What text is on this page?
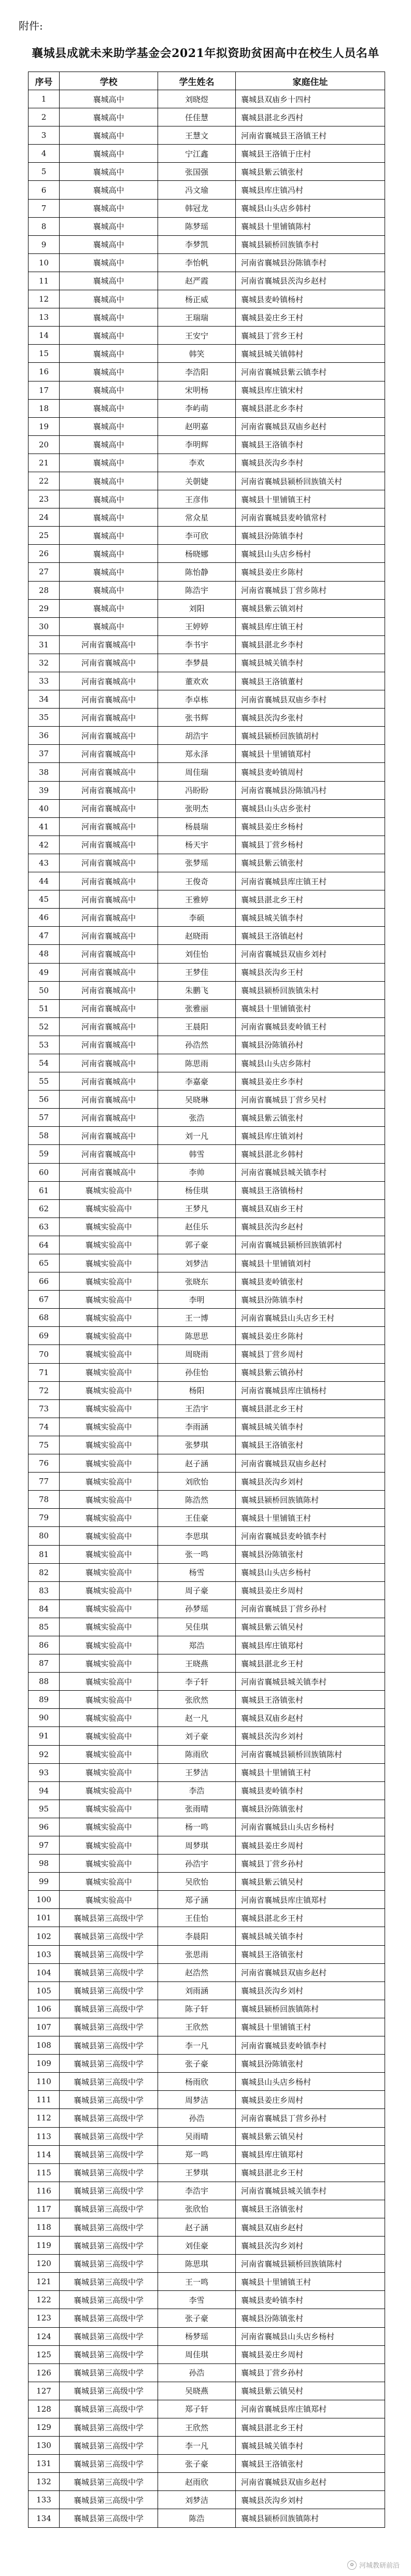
附件:
襄城县成就未来助学基金会2021年拟资助贫困高中在校生人员名单
序号	学校	学生姓名	家庭住址
1	襄城高中	刘晓煜	襄城县双庙乡十四村
2	襄城高中	任佳慧	襄城县湛北乡西村
3	襄城高中	王慧文	河南省襄城县王洛镇王村
4	襄城高中	宁江鑫	襄城县王洛镇于庄村
5	襄城高中	张国强	襄城县紫云镇张村
6	襄城高中	冯文瑜	襄城县库庄镇冯村
7	襄城高中	韩冠龙	襄城县山头店乡韩村
8	襄城高中	陈梦瑶	襄城县十里铺镇陈村
9	襄城高中	李梦凯	襄城县颍桥回族镇李村
10	襄城高中	李怡帆	河南省襄城县汾陈镇李村
11	襄城高中	赵严霞	河南省襄城县茨沟乡赵村
12	襄城高中	杨正威	襄城县麦岭镇杨村
13	襄城高中	王瑞瑞	襄城县姜庄乡王村
14	襄城高中	王安宁	襄城县丁营乡王村
15	襄城高中	韩笑	襄城县城关镇韩村
16	襄城高中	李浩阳	河南省襄城县紫云镇李村
17	襄城高中	宋明杨	襄城县库庄镇宋村
18	襄城高中	李屿萌	襄城县湛北乡李村
19	襄城高中	赵明嘉	河南省襄城县双庙乡赵村
20	襄城高中	李明辉	襄城县王洛镇李村
21	襄城高中	李欢	襄城县茨沟乡李村
22	襄城高中	关朝婕	河南省襄城县颍桥回族镇关村
23	襄城高中	王彦伟	襄城县十里铺镇王村
24	襄城高中	常众星	河南省襄城县麦岭镇常村
25	襄城高中	李可欣	襄城县汾陈镇李村
26	襄城高中	杨晓娜	襄城县山头店乡杨村
27	襄城高中	陈怡静	襄城县姜庄乡陈村
28	襄城高中	陈浩宇	河南省襄城县丁营乡陈村
29	襄城高中	刘阳	襄城县紫云镇刘村
30	襄城高中	王婷婷	襄城县库庄镇王村
31	河南省襄城高中	李书宇	襄城县湛北乡李村
32	河南省襄城高中	李梦晨	襄城县城关镇李村
33	河南省襄城高中	董欢欢	襄城县王洛镇董村
34	河南省襄城高中	李卓栋	河南省襄城县双庙乡李村
35	河南省襄城高中	张书辉	襄城县茨沟乡张村
36	河南省襄城高中	胡浩宇	襄城县颍桥回族镇胡村
37	河南省襄城高中	郑永泽	襄城县十里铺镇郑村
38	河南省襄城高中	周佳瑞	襄城县麦岭镇周村
39	河南省襄城高中	冯盼盼	河南省襄城县汾陈镇冯村
40	河南省襄城高中	张明杰	襄城县山头店乡张村
41	河南省襄城高中	杨晨瑞	襄城县姜庄乡杨村
42	河南省襄城高中	杨天宇	襄城县丁营乡杨村
43	河南省襄城高中	张梦瑶	襄城县紫云镇张村
44	河南省襄城高中	王俊奇	河南省襄城县库庄镇王村
45	河南省襄城高中	王雅婷	襄城县湛北乡王村
46	河南省襄城高中	李硕	襄城县城关镇李村
47	河南省襄城高中	赵晓雨	襄城县王洛镇赵村
48	河南省襄城高中	刘佳怡	河南省襄城县双庙乡刘村
49	河南省襄城高中	王梦佳	襄城县茨沟乡王村
50	河南省襄城高中	朱鹏飞	襄城县颍桥回族镇朱村
51	河南省襄城高中	张雅丽	襄城县十里铺镇张村
52	河南省襄城高中	王晨阳	河南省襄城县麦岭镇王村
53	河南省襄城高中	孙浩然	襄城县汾陈镇孙村
54	河南省襄城高中	陈思雨	襄城县山头店乡陈村
55	河南省襄城高中	李嘉豪	襄城县姜庄乡李村
56	河南省襄城高中	吴晓琳	河南省襄城县丁营乡吴村
57	河南省襄城高中	张浩	襄城县紫云镇张村
58	河南省襄城高中	刘一凡	襄城县库庄镇刘村
59	河南省襄城高中	韩雪	襄城县湛北乡韩村
60	河南省襄城高中	李帅	河南省襄城县城关镇李村
61	襄城实验高中	杨佳琪	襄城县王洛镇杨村
62	襄城实验高中	王梦凡	襄城县双庙乡王村
63	襄城实验高中	赵佳乐	襄城县茨沟乡赵村
64	襄城实验高中	郭子豪	河南省襄城县颍桥回族镇郭村
65	襄城实验高中	刘梦洁	襄城县十里铺镇刘村
66	襄城实验高中	张晓东	襄城县麦岭镇张村
67	襄城实验高中	李明	襄城县汾陈镇李村
68	襄城实验高中	王一博	河南省襄城县山头店乡王村
69	襄城实验高中	陈思思	襄城县姜庄乡陈村
70	襄城实验高中	周晓雨	襄城县丁营乡周村
71	襄城实验高中	孙佳怡	襄城县紫云镇孙村
72	襄城实验高中	杨阳	河南省襄城县库庄镇杨村
73	襄城实验高中	王浩宇	襄城县湛北乡王村
74	襄城实验高中	李雨涵	襄城县城关镇李村
75	襄城实验高中	张梦琪	襄城县王洛镇张村
76	襄城实验高中	赵子涵	河南省襄城县双庙乡赵村
77	襄城实验高中	刘欣怡	襄城县茨沟乡刘村
78	襄城实验高中	陈浩然	襄城县颍桥回族镇陈村
79	襄城实验高中	王佳豪	襄城县十里铺镇王村
80	襄城实验高中	李思琪	河南省襄城县麦岭镇李村
81	襄城实验高中	张一鸣	襄城县汾陈镇张村
82	襄城实验高中	杨雪	襄城县山头店乡杨村
83	襄城实验高中	周子豪	襄城县姜庄乡周村
84	襄城实验高中	孙梦瑶	河南省襄城县丁营乡孙村
85	襄城实验高中	吴佳琪	襄城县紫云镇吴村
86	襄城实验高中	郑浩	襄城县库庄镇郑村
87	襄城实验高中	王晓燕	襄城县湛北乡王村
88	襄城实验高中	李子轩	河南省襄城县城关镇李村
89	襄城实验高中	张欣然	襄城县王洛镇张村
90	襄城实验高中	赵一凡	襄城县双庙乡赵村
91	襄城实验高中	刘子豪	襄城县茨沟乡刘村
92	襄城实验高中	陈雨欣	河南省襄城县颍桥回族镇陈村
93	襄城实验高中	王梦洁	襄城县十里铺镇王村
94	襄城实验高中	李浩	襄城县麦岭镇李村
95	襄城实验高中	张雨晴	襄城县汾陈镇张村
96	襄城实验高中	杨一鸣	河南省襄城县山头店乡杨村
97	襄城实验高中	周梦琪	襄城县姜庄乡周村
98	襄城实验高中	孙浩宇	襄城县丁营乡孙村
99	襄城实验高中	吴欣怡	襄城县紫云镇吴村
100	襄城实验高中	郑子涵	河南省襄城县库庄镇郑村
101	襄城县第三高级中学	王佳怡	襄城县湛北乡王村
102	襄城县第三高级中学	李晨阳	襄城县城关镇李村
103	襄城县第三高级中学	张思雨	襄城县王洛镇张村
104	襄城县第三高级中学	赵浩然	河南省襄城县双庙乡赵村
105	襄城县第三高级中学	刘雨涵	襄城县茨沟乡刘村
106	襄城县第三高级中学	陈子轩	襄城县颍桥回族镇陈村
107	襄城县第三高级中学	王欣然	襄城县十里铺镇王村
108	襄城县第三高级中学	李一凡	河南省襄城县麦岭镇李村
109	襄城县第三高级中学	张子豪	襄城县汾陈镇张村
110	襄城县第三高级中学	杨雨欣	襄城县山头店乡杨村
111	襄城县第三高级中学	周梦洁	襄城县姜庄乡周村
112	襄城县第三高级中学	孙浩	河南省襄城县丁营乡孙村
113	襄城县第三高级中学	吴雨晴	襄城县紫云镇吴村
114	襄城县第三高级中学	郑一鸣	襄城县库庄镇郑村
115	襄城县第三高级中学	王梦琪	襄城县湛北乡王村
116	襄城县第三高级中学	李浩宇	河南省襄城县城关镇李村
117	襄城县第三高级中学	张欣怡	襄城县王洛镇张村
118	襄城县第三高级中学	赵子涵	襄城县双庙乡赵村
119	襄城县第三高级中学	刘佳豪	襄城县茨沟乡刘村
120	襄城县第三高级中学	陈思琪	河南省襄城县颍桥回族镇陈村
121	襄城县第三高级中学	王一鸣	襄城县十里铺镇王村
122	襄城县第三高级中学	李雪	襄城县麦岭镇李村
123	襄城县第三高级中学	张子豪	襄城县汾陈镇张村
124	襄城县第三高级中学	杨梦瑶	河南省襄城县山头店乡杨村
125	襄城县第三高级中学	周佳琪	襄城县姜庄乡周村
126	襄城县第三高级中学	孙浩	襄城县丁营乡孙村
127	襄城县第三高级中学	吴晓燕	襄城县紫云镇吴村
128	襄城县第三高级中学	郑子轩	河南省襄城县库庄镇郑村
129	襄城县第三高级中学	王欣然	襄城县湛北乡王村
130	襄城县第三高级中学	李一凡	襄城县城关镇李村
131	襄城县第三高级中学	张子豪	襄城县王洛镇张村
132	襄城县第三高级中学	赵雨欣	河南省襄城县双庙乡赵村
133	襄城县第三高级中学	刘梦洁	襄城县茨沟乡刘村
134	襄城县第三高级中学	陈浩	襄城县颍桥回族镇陈村
✿ 河城教研前沿
